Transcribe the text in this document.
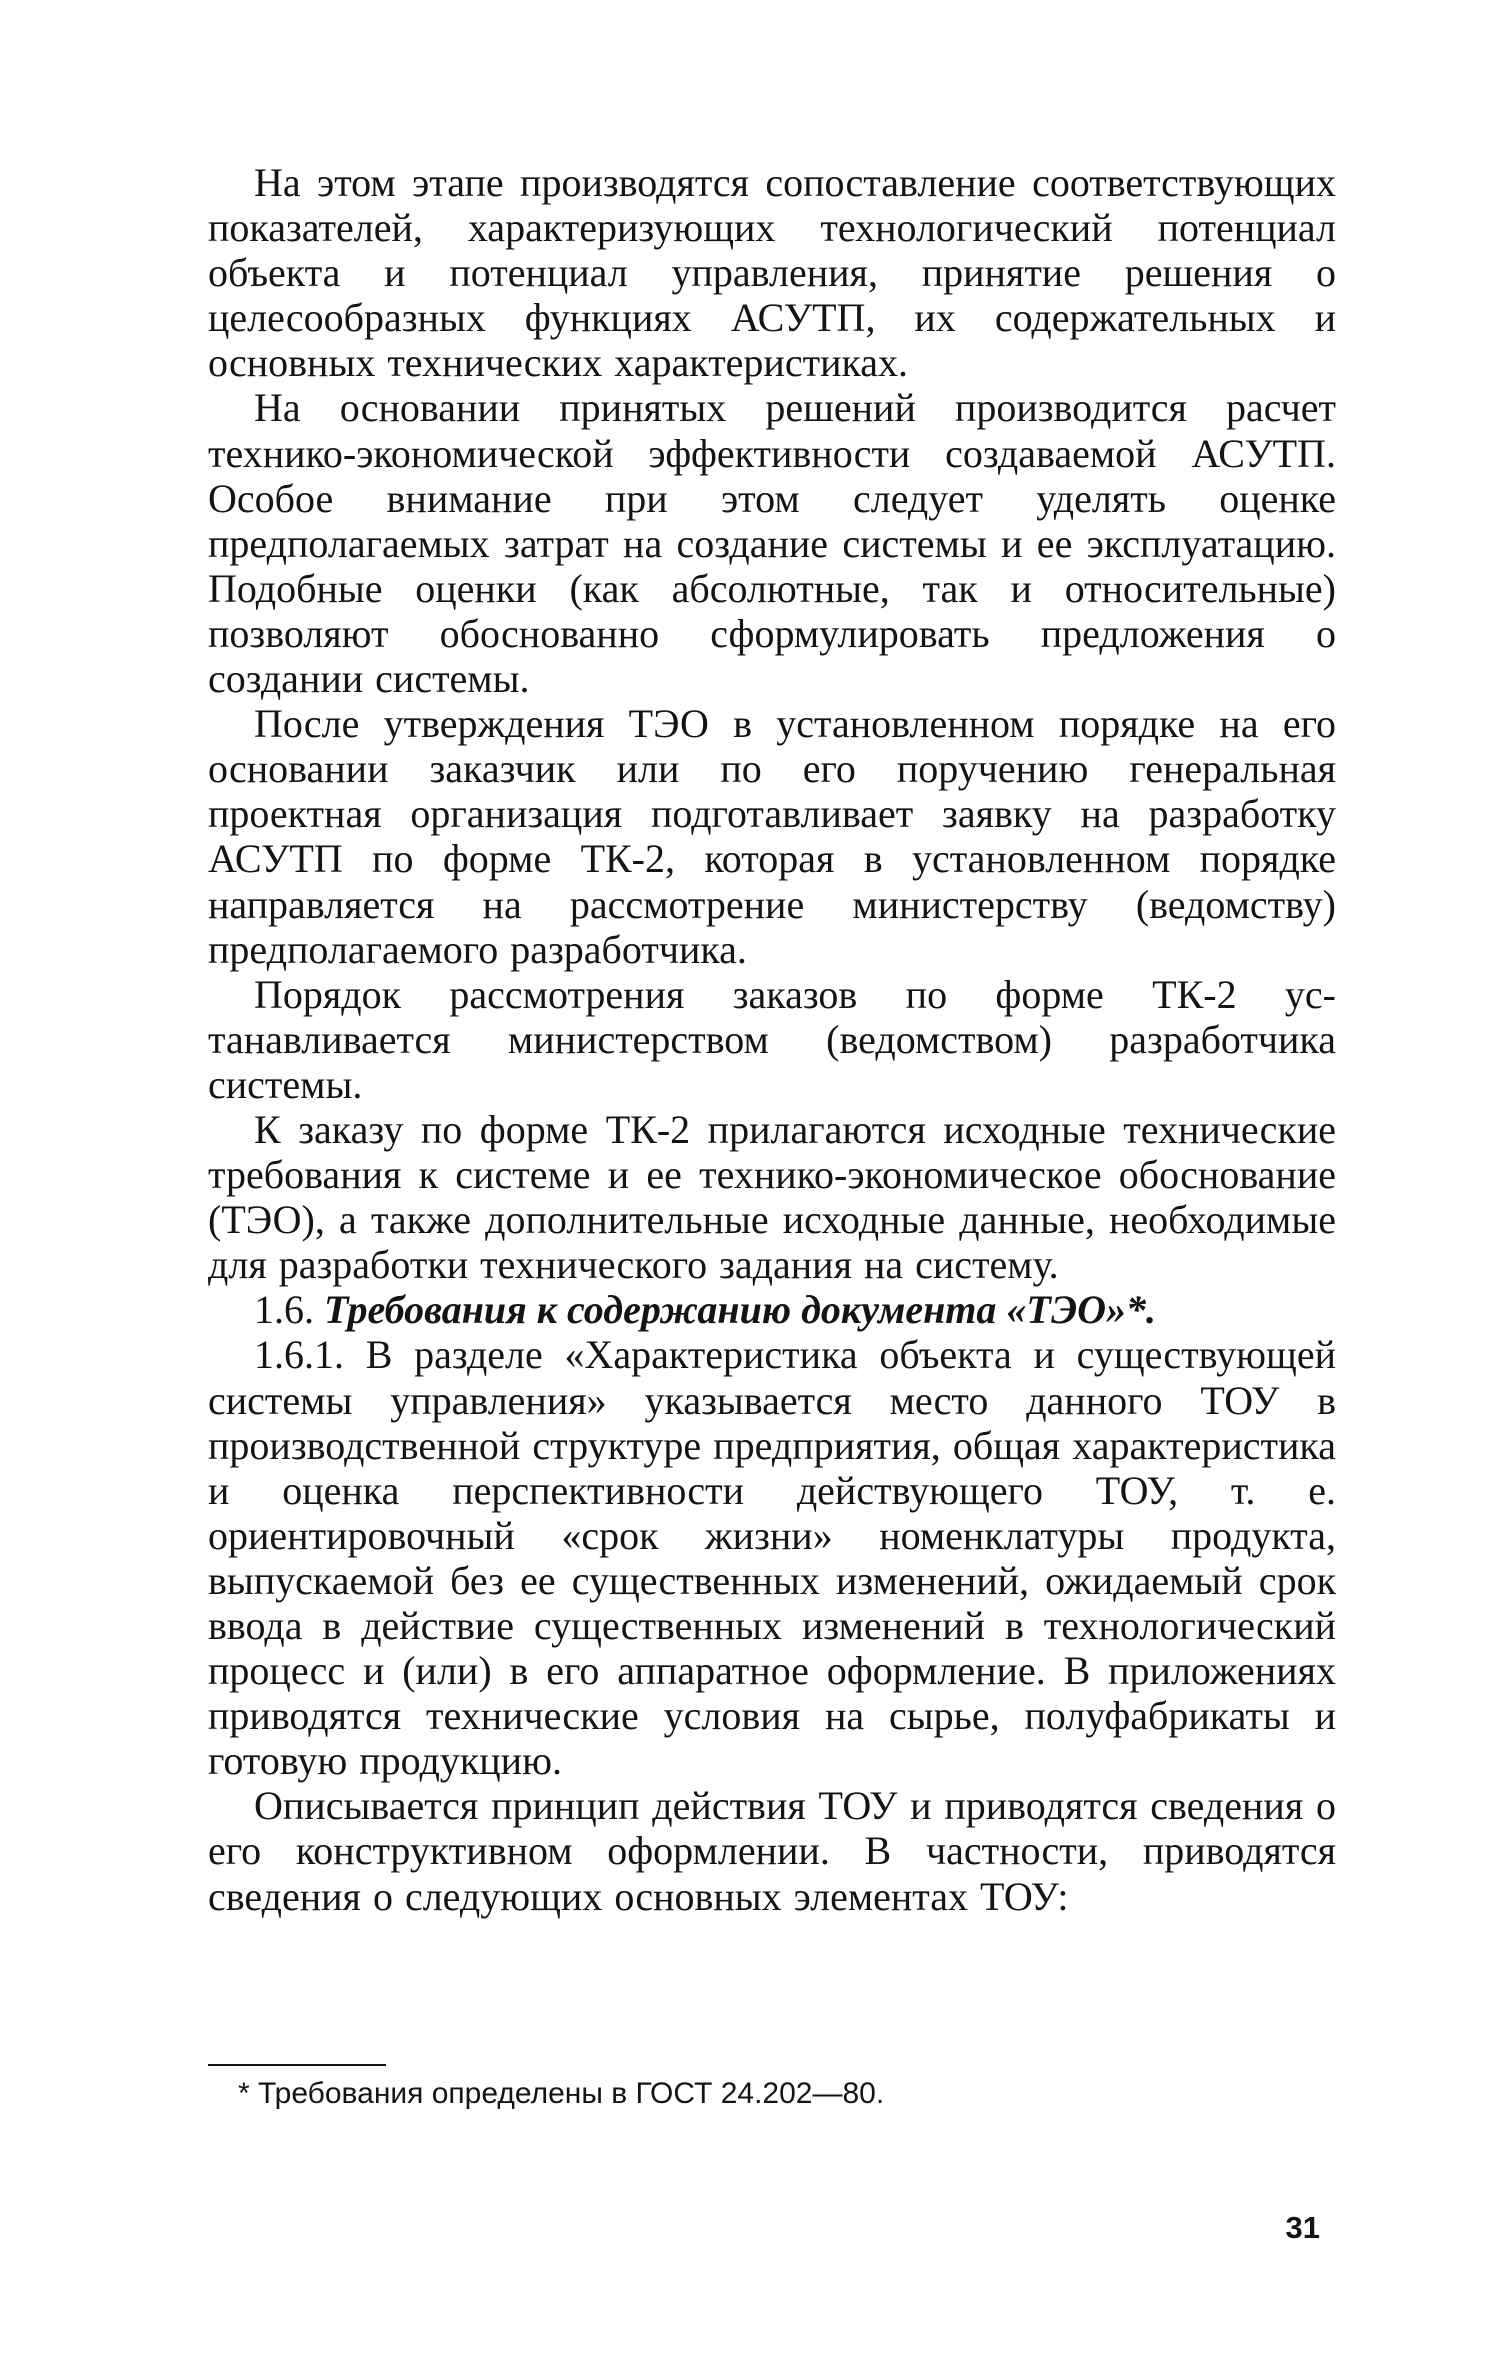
На этом этапе производятся сопоставление соответствующих показателей, характеризующих технологический потенциал объекта и потенциал управления, принятие решения о целесообразных функциях АСУТП, их содержательных и основных технических характеристиках.

На основании принятых решений производится расчет технико-экономической эффективности создаваемой АСУТП. Особое внимание при этом следует уделять оценке предполагаемых затрат на создание системы и ее эксплуатацию. Подобные оценки (как абсолютные, так и относительные) позволяют обоснованно сформулировать предложения о создании системы.

После утверждения ТЭО в установленном порядке на его основании заказчик или по его поручению генеральная проектная организация подготавливает заявку на разработку АСУТП по форме ТК-2, которая в установленном порядке направляется на рассмотрение министерству (ведомству) предполагаемого разработчика.

Порядок рассмотрения заказов по форме ТК-2 устанавливается министерством (ведомством) разработчика системы.

К заказу по форме ТК-2 прилагаются исходные технические требования к системе и ее технико-экономическое обоснование (ТЭО), а также дополнительные исходные данные, необходимые для разработки технического задания на систему.

1.6. Требования к содержанию документа «ТЭО»*.

1.6.1. В разделе «Характеристика объекта и существующей системы управления» указывается место данного ТОУ в производственной структуре предприятия, общая характеристика и оценка перспективности действующего ТОУ, т. е. ориентировочный «срок жизни» номенклатуры продукта, выпускаемой без ее существенных изменений, ожидаемый срок ввода в действие существенных изменений в технологический процесс и (или) в его аппаратное оформление. В приложениях приводятся технические условия на сырье, полуфабрикаты и готовую продукцию.

Описывается принцип действия ТОУ и приводятся сведения о его конструктивном оформлении. В частности, приводятся сведения о следующих основных элементах ТОУ:

* Требования определены в ГОСТ 24.202—80.

31
